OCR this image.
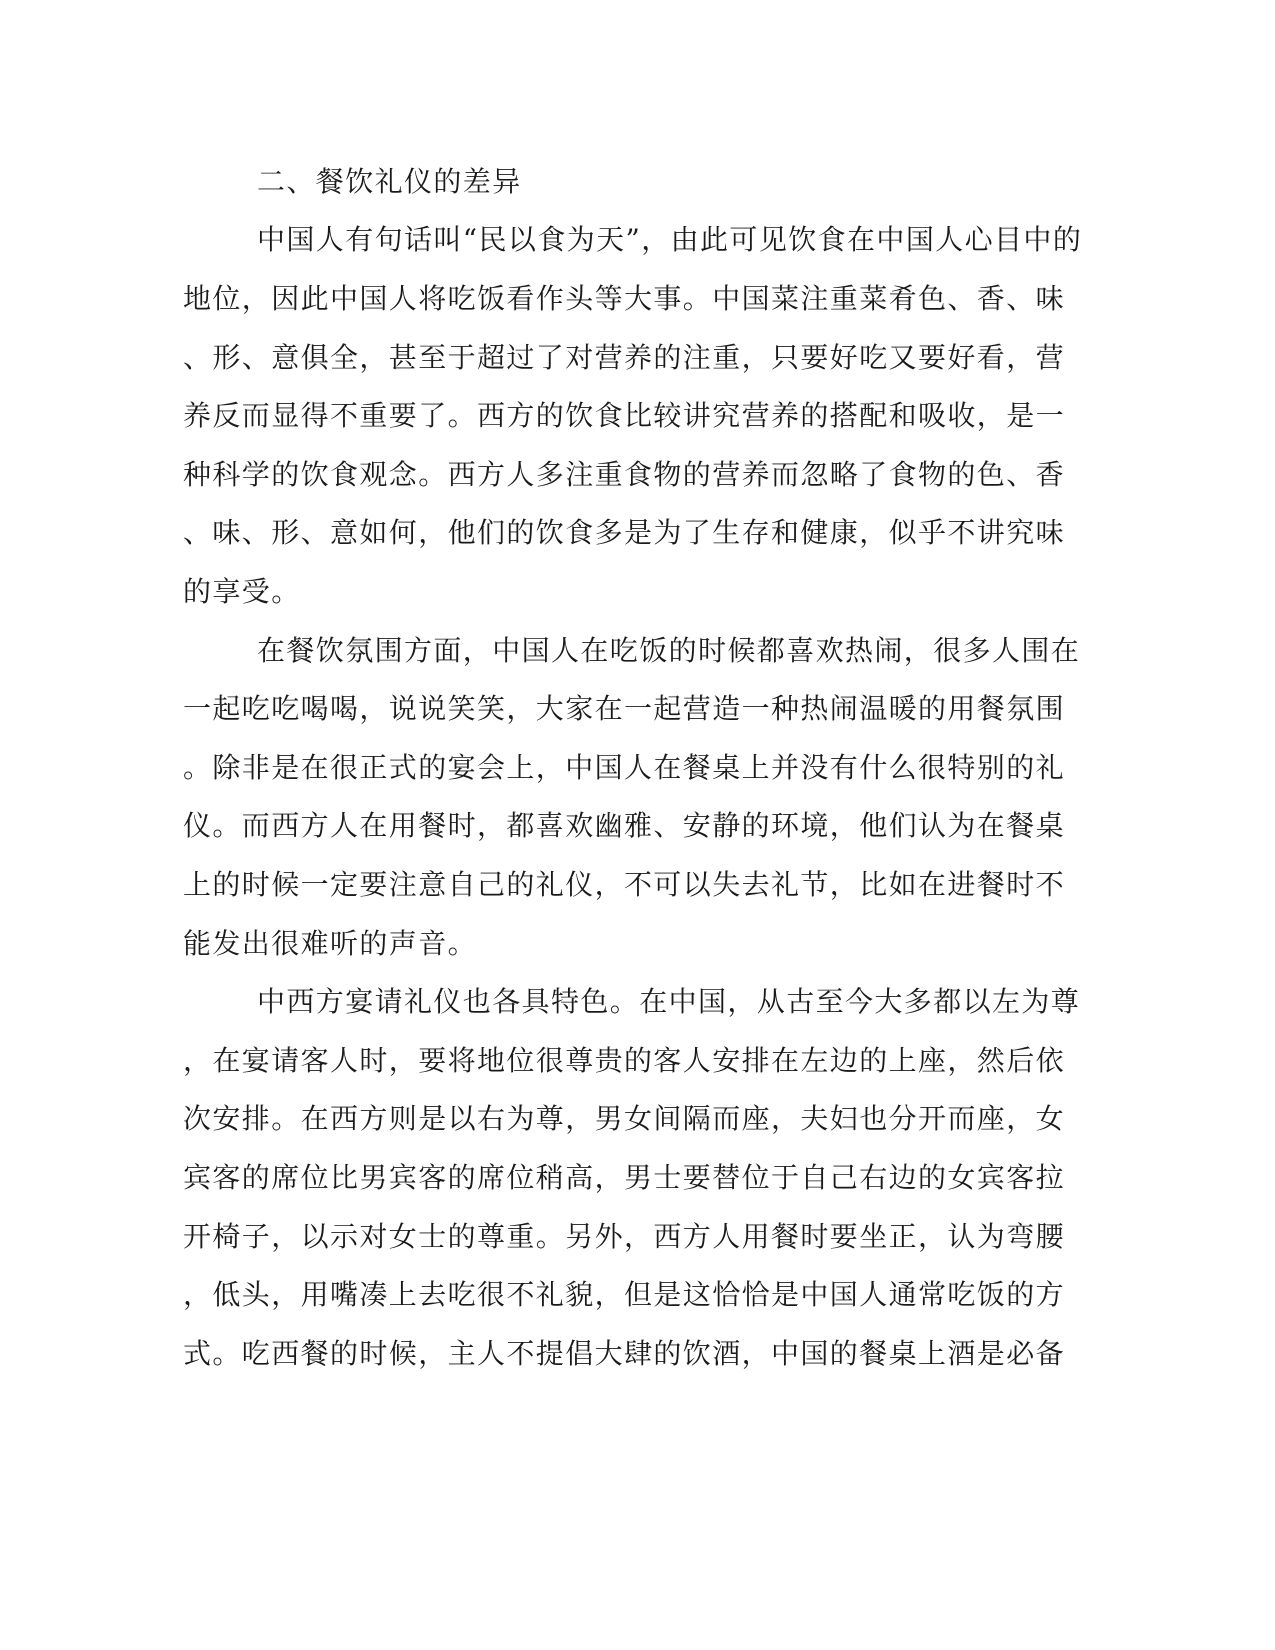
二、餐饮礼仪的差异

中国人有句话叫“民以食为天”，由此可见饮食在中国人心目中的

地位，因此中国人将吃饭看作头等大事。中国菜注重菜肴色、香、味

、形、意俱全，甚至于超过了对营养的注重，只要好吃又要好看，营

养反而显得不重要了。西方的饮食比较讲究营养的搭配和吸收，是一

种科学的饮食观念。西方人多注重食物的营养而忽略了食物的色、香

、味、形、意如何，他们的饮食多是为了生存和健康，似乎不讲究味

的享受。

在餐饮氛围方面，中国人在吃饭的时候都喜欢热闹，很多人围在

一起吃吃喝喝，说说笑笑，大家在一起营造一种热闹温暖的用餐氛围

。除非是在很正式的宴会上，中国人在餐桌上并没有什么很特别的礼

仪。而西方人在用餐时，都喜欢幽雅、安静的环境，他们认为在餐桌

上的时候一定要注意自己的礼仪，不可以失去礼节，比如在进餐时不

能发出很难听的声音。

中西方宴请礼仪也各具特色。在中国，从古至今大多都以左为尊

，在宴请客人时，要将地位很尊贵的客人安排在左边的上座，然后依

次安排。在西方则是以右为尊，男女间隔而座，夫妇也分开而座，女

宾客的席位比男宾客的席位稍高，男士要替位于自己右边的女宾客拉

开椅子，以示对女士的尊重。另外，西方人用餐时要坐正，认为弯腰

，低头，用嘴凑上去吃很不礼貌，但是这恰恰是中国人通常吃饭的方

式。吃西餐的时候，主人不提倡大肆的饮酒，中国的餐桌上酒是必备
